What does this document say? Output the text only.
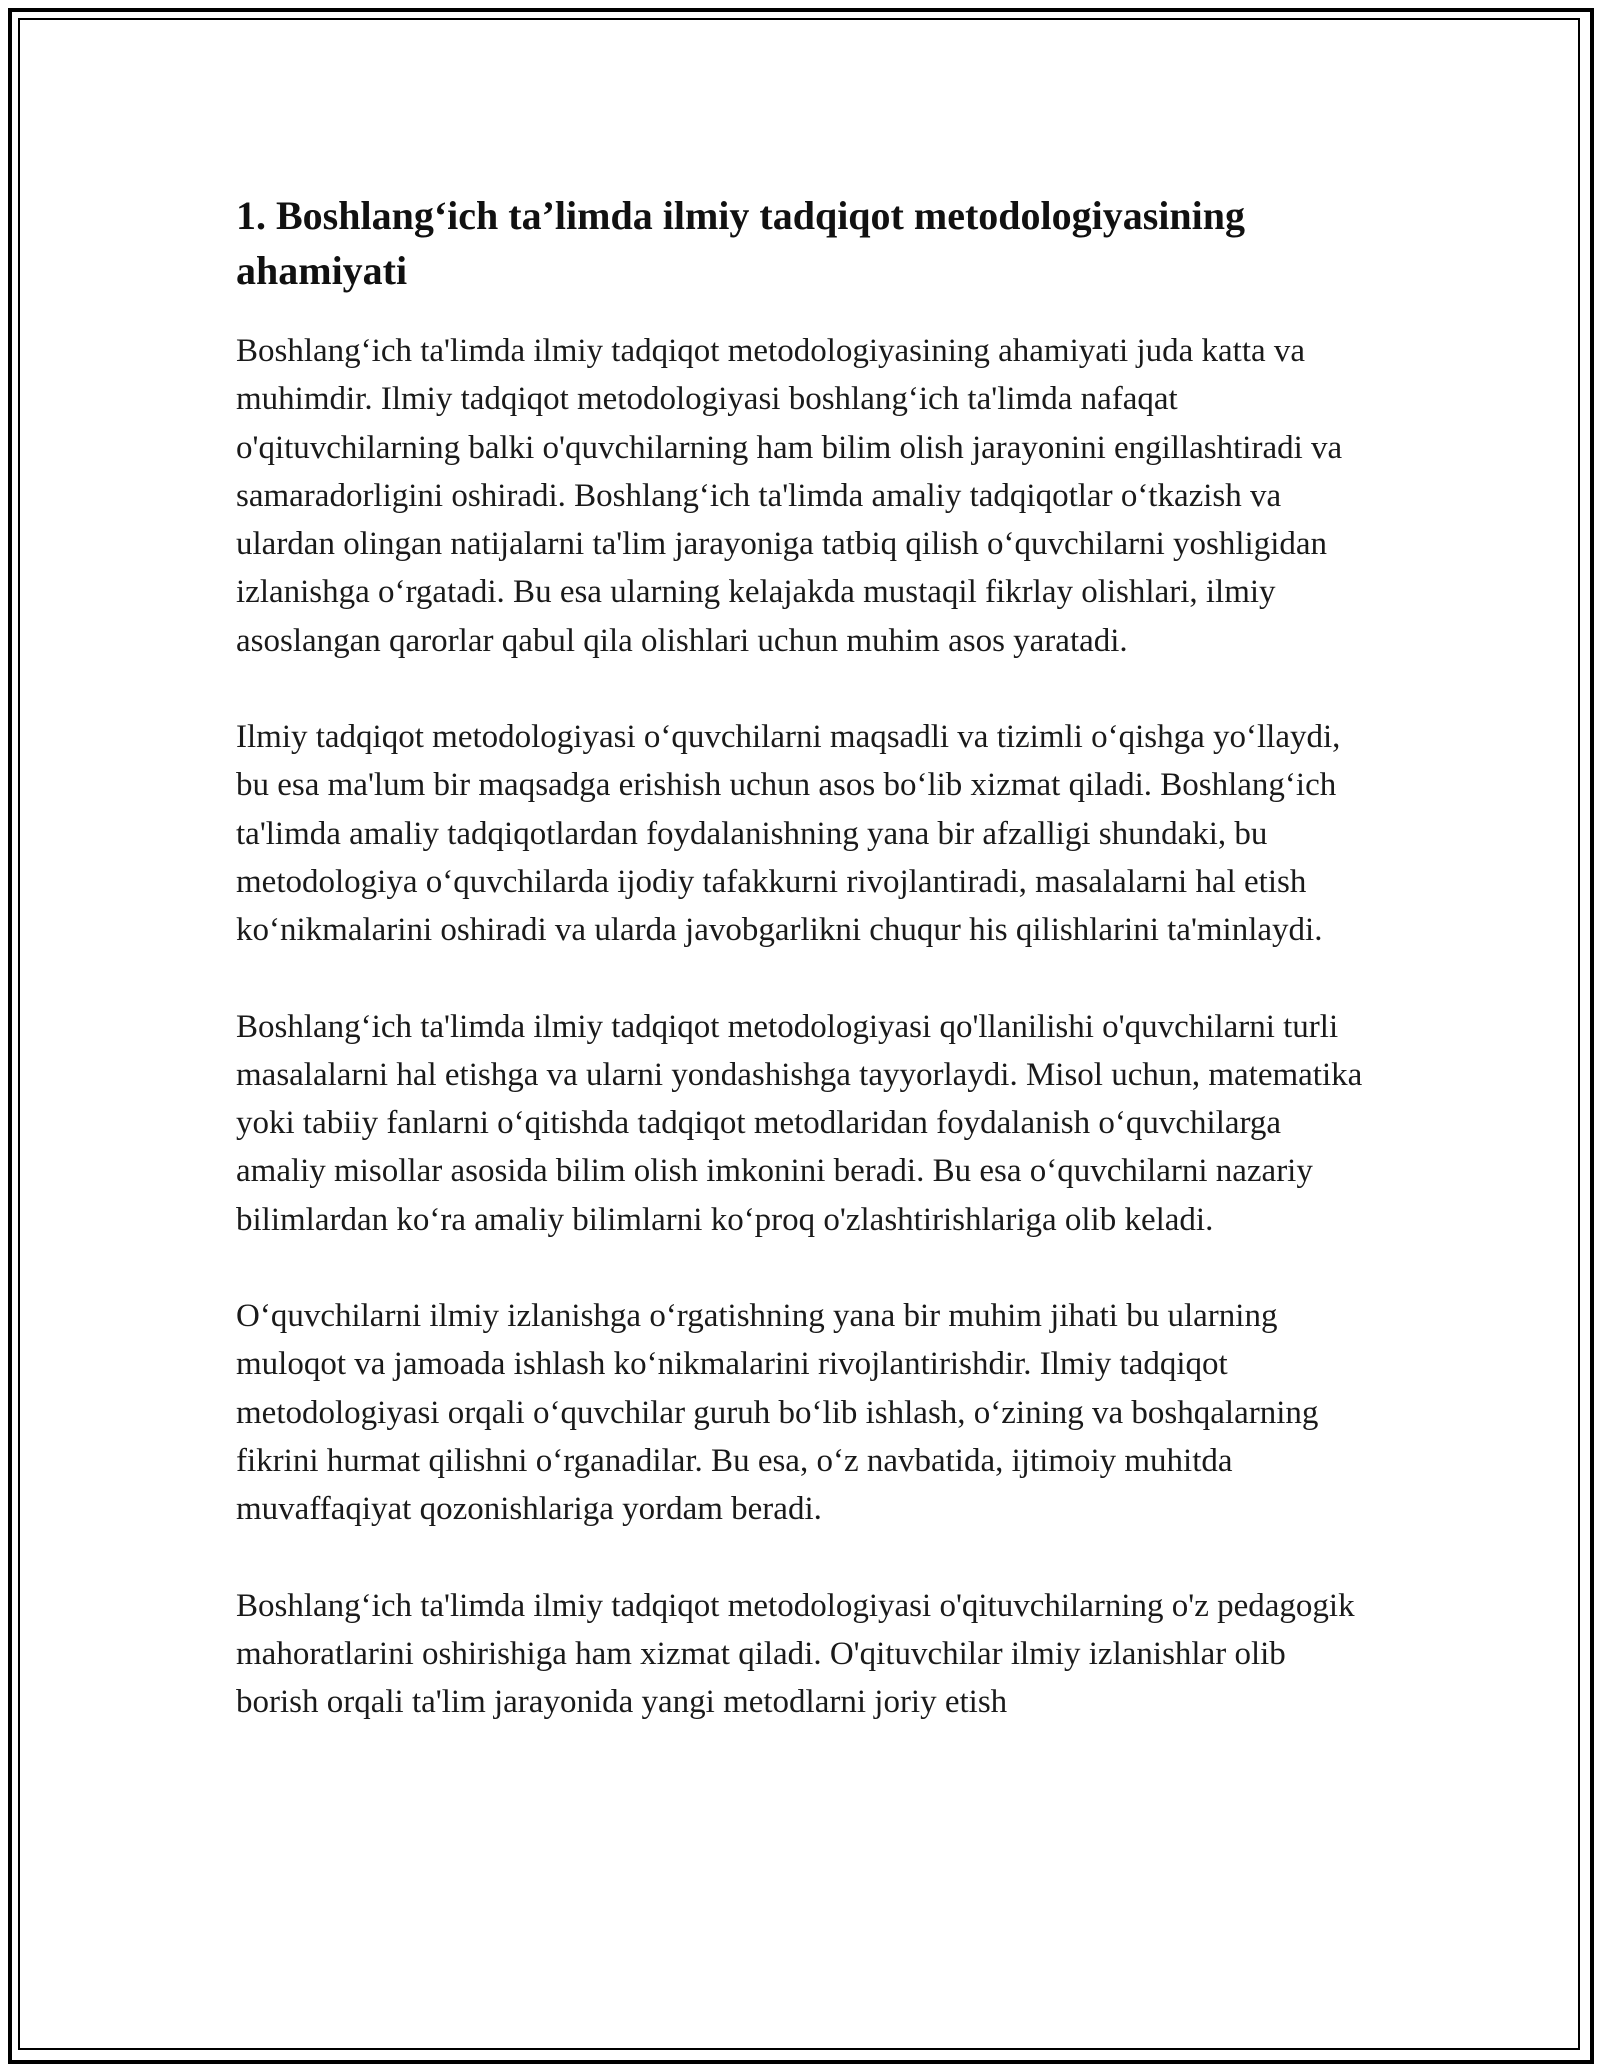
1. Boshlang‘ich ta’limda ilmiy tadqiqot metodologiyasining ahamiyati

Boshlang‘ich ta'limda ilmiy tadqiqot metodologiyasining ahamiyati juda katta va muhimdir. Ilmiy tadqiqot metodologiyasi boshlang‘ich ta'limda nafaqat o'qituvchilarning balki o'quvchilarning ham bilim olish jarayonini engillashtiradi va samaradorligini oshiradi. Boshlang‘ich ta'limda amaliy tadqiqotlar o‘tkazish va ulardan olingan natijalarni ta'lim jarayoniga tatbiq qilish o‘quvchilarni yoshligidan izlanishga o‘rgatadi. Bu esa ularning kelajakda mustaqil fikrlay olishlari, ilmiy asoslangan qarorlar qabul qila olishlari uchun muhim asos yaratadi.

Ilmiy tadqiqot metodologiyasi o‘quvchilarni maqsadli va tizimli o‘qishga yo‘llaydi, bu esa ma'lum bir maqsadga erishish uchun asos bo‘lib xizmat qiladi. Boshlang‘ich ta'limda amaliy tadqiqotlardan foydalanishning yana bir afzalligi shundaki, bu metodologiya o‘quvchilarda ijodiy tafakkurni rivojlantiradi, masalalarni hal etish ko‘nikmalarini oshiradi va ularda javobgarlikni chuqur his qilishlarini ta'minlaydi.

Boshlang‘ich ta'limda ilmiy tadqiqot metodologiyasi qo'llanilishi o'quvchilarni turli masalalarni hal etishga va ularni yondashishga tayyorlaydi. Misol uchun, matematika yoki tabiiy fanlarni o‘qitishda tadqiqot metodlaridan foydalanish o‘quvchilarga amaliy misollar asosida bilim olish imkonini beradi. Bu esa o‘quvchilarni nazariy bilimlardan ko‘ra amaliy bilimlarni ko‘proq o'zlashtirishlariga olib keladi.

O‘quvchilarni ilmiy izlanishga o‘rgatishning yana bir muhim jihati bu ularning muloqot va jamoada ishlash ko‘nikmalarini rivojlantirishdir. Ilmiy tadqiqot metodologiyasi orqali o‘quvchilar guruh bo‘lib ishlash, o‘zining va boshqalarning fikrini hurmat qilishni o‘rganadilar. Bu esa, o‘z navbatida, ijtimoiy muhitda muvaffaqiyat qozonishlariga yordam beradi.

Boshlang‘ich ta'limda ilmiy tadqiqot metodologiyasi o'qituvchilarning o'z pedagogik mahoratlarini oshirishiga ham xizmat qiladi. O'qituvchilar ilmiy izlanishlar olib borish orqali ta'lim jarayonida yangi metodlarni joriy etish
